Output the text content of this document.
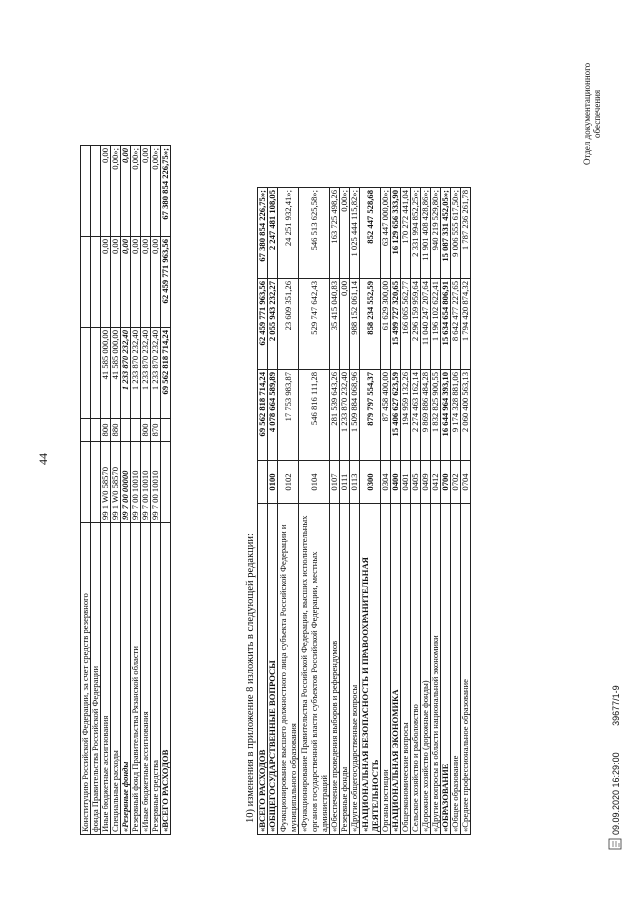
44
Конституцию Российской Федерации, за счет средств резервного					
фонда Правительства Российской Федерации					
Иные бюджетные ассигнования	99 1 W0 58570	800	41 585 000,00	0,00	0,00
Специальные расходы	99 1 W0 58570	880	41 585 000,00	0,00	0,00»;
«Резервные фонды	99 7 00 00000		1 233 870 232,40	0,00	0,00
Резервный фонд Правительства Рязанской области	99 7 00 10010		1 233 870 232,40	0,00	0,00»;
«Иные бюджетные ассигнования	99 7 00 10010	800	1 233 870 232,40	0,00	0,00
Резервные средства	99 7 00 10010	870	1 233 870 232,40	0,00	0,00»;
«ВСЕГО РАСХОДОВ			69 562 818 714,24	62 459 771 963,56	67 380 854 226,75»;
10) изменения в приложение 8 изложить в следующей редакции: «ВСЕГО РАСХОДОВ		69 562 818 714,24	62 459 771 963,56	67 380 854 226,75»;
«ОБЩЕГОСУДАРСТВЕННЫЕ ВОПРОСЫ	0100	4 078 664 589,89	2 055 943 232,27	2 247 481 108,05
Функционирование высшего должностного лица субъекта Российской Федерации и муниципального образования	0102	17 753 983,87	23 609 351,26	24 251 932,41»;
«Функционирование Правительства Российской Федерации, высших исполнительных органов государственной власти субъектов Российской Федерации, местных администраций	0104	546 816 111,28	529 747 642,43	546 513 625,58»;
«Обеспечение проведения выборов и референдумов	0107	281 539 643,26	35 415 040,83	163 725 498,26
Резервные фонды	0111	1 233 870 232,40	0,00	0,00»;
«Другие общегосударственные вопросы	0113	1 509 884 068,96	988 152 061,14	1 025 444 115,82»;
«НАЦИОНАЛЬНАЯ БЕЗОПАСНОСТЬ И ПРАВООХРАНИТЕЛЬНАЯ ДЕЯТЕЛЬНОСТЬ	0300	879 797 554,37	858 234 552,59	852 447 528,68
Органы юстиции	0304	87 458 400,00	61 629 300,00	63 447 000,00»;
«НАЦИОНАЛЬНАЯ ЭКОНОМИКА	0400	15 406 627 623,59	15 499 727 320,65	16 129 656 333,90
Общеэкономические вопросы	0401	194 959 132,26	166 065 562,77	170 272 441,04
Сельское хозяйство и рыболовство	0405	2 274 463 162,14	2 296 159 959,64	2 331 994 852,25»;
«Дорожное хозяйство (дорожные фонды)	0409	9 869 886 484,28	11 040 247 207,64	11 901 408 428,86»;
«Другие вопросы в области национальной экономики	0412	1 832 825 900,55	1 196 102 622,41	940 219 529,80»;
«ОБРАЗОВАНИЕ	0700	16 644 964 393,10	15 634 654 806,91	15 087 331 452,05»;
«Общее образование	0702	9 174 328 881,06	8 642 477 227,65	9 006 555 617,50»;
«Среднее профессиональное образование	0704	2 060 400 563,13	1 794 420 874,32	1 787 236 261,78
09.09.2020 16:29:00 39677/1-9
Отдел документационного обеспечения
